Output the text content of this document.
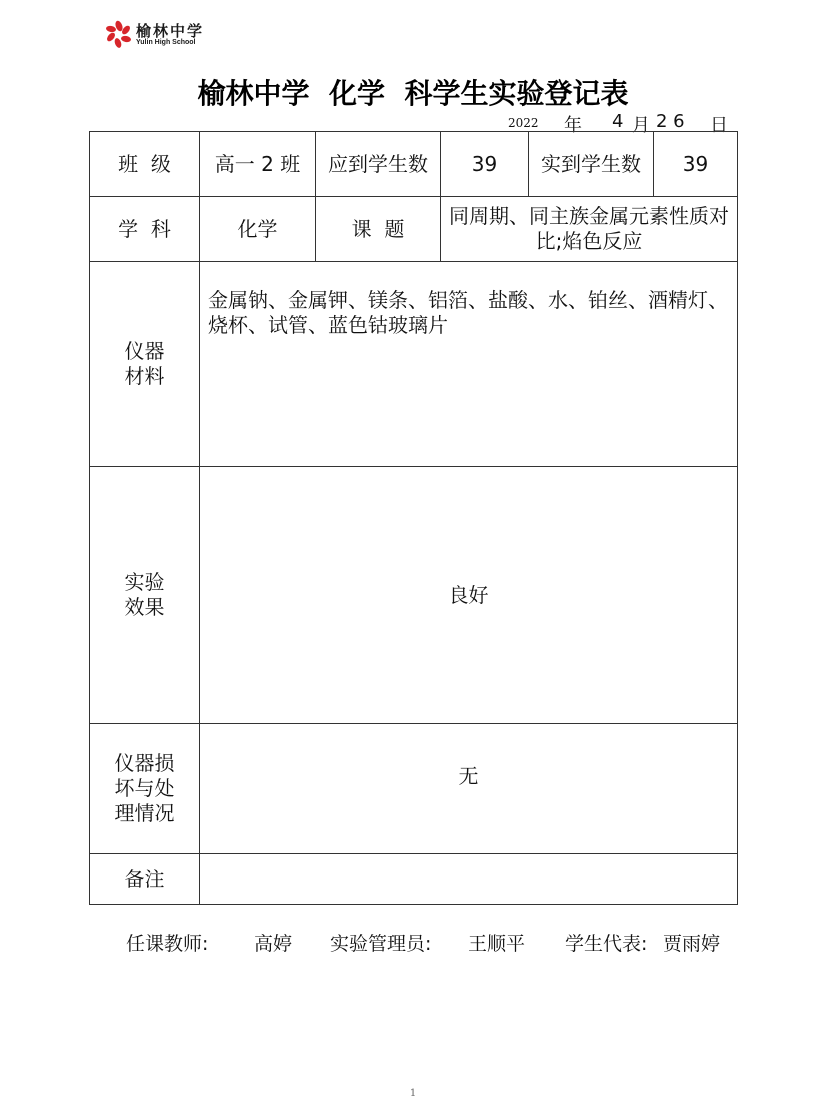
榆林中学
Yulin High School
榆林中学  化学  科学生实验登记表
2022 年 4 月 2 6 日
班  级	高一 2 班	应到学生数	39	实到学生数	39
学  科	化学	课  题	同周期、同主族金属元素性质对比;焰色反应		

仪器材料	金属钠、金属钾、镁条、铝箔、盐酸、水、铂丝、酒精灯、烧杯、试管、蓝色钴玻璃片				

实验效果	良好				

仪器损坏与处理情况	无				
备注					
任课教师: 高婷 实验管理员: 王顺平 学生代表: 贾雨婷
1
